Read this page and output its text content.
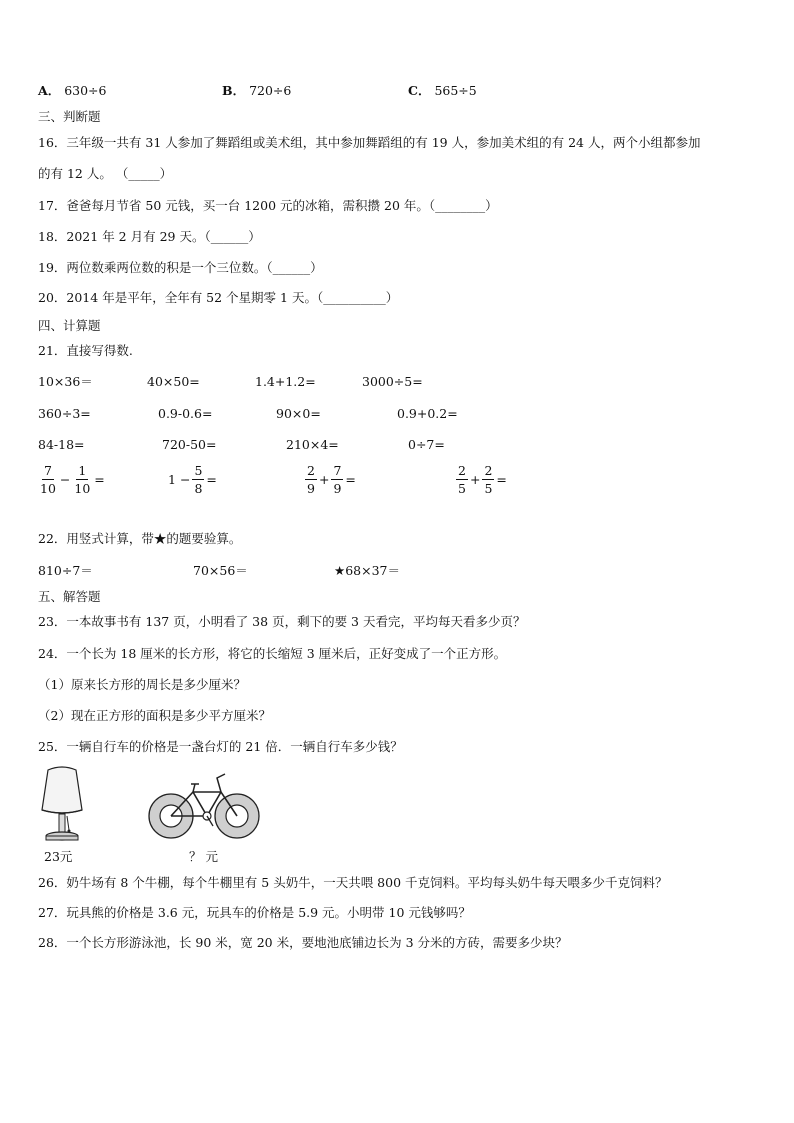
A． 630÷6	B． 720÷6	C． 565÷5
三、判断题
16．三年级一共有 31 人参加了舞蹈组或美术组，其中参加舞蹈组的有 19 人，参加美术组的有 24 人，两个小组都参加
的有 12 人。 （_____）
17．爸爸每月节省 50 元钱，买一台 1200 元的冰箱，需积攒 20 年。（________）
18．2021 年 2 月有 29 天。（______）
19．两位数乘两位数的积是一个三位数。（______）
20．2014 年是平年，全年有 52 个星期零 1 天。（__________）
四、计算题
21．直接写得数.
10×36＝	40×50=	1.4+1.2=	3000÷5=
360÷3=	0.9-0.6=	90×0=	0.9+0.2=
84-18=	720-50=	210×4=	0÷7=
$\frac{7}{10} - \frac{1}{10}$ =	$1 - \frac{5}{8}$ =	$\frac{2}{9} + \frac{7}{9}$ =	$\frac{2}{5} + \frac{2}{5}$ =
22．用竖式计算，带★的题要验算。
810÷7＝	70×56＝	★68×37＝
五、解答题
23．一本故事书有 137 页，小明看了 38 页，剩下的要 3 天看完，平均每天看多少页？
24．一个长为 18 厘米的长方形，将它的长缩短 3 厘米后，正好变成了一个正方形。
（1）原来长方形的周长是多少厘米？
（2）现在正方形的面积是多少平方厘米？
25．一辆自行车的价格是一盏台灯的 21 倍．一辆自行车多少钱？
23元	？ 元
26．奶牛场有 8 个牛棚，每个牛棚里有 5 头奶牛，一天共喂 800 千克饲料。平均每头奶牛每天喂多少千克饲料？
27．玩具熊的价格是 3.6 元，玩具车的价格是 5.9 元。小明带 10 元钱够吗？
28．一个长方形游泳池，长 90 米，宽 20 米，要地池底铺边长为 3 分米的方砖，需要多少块？
